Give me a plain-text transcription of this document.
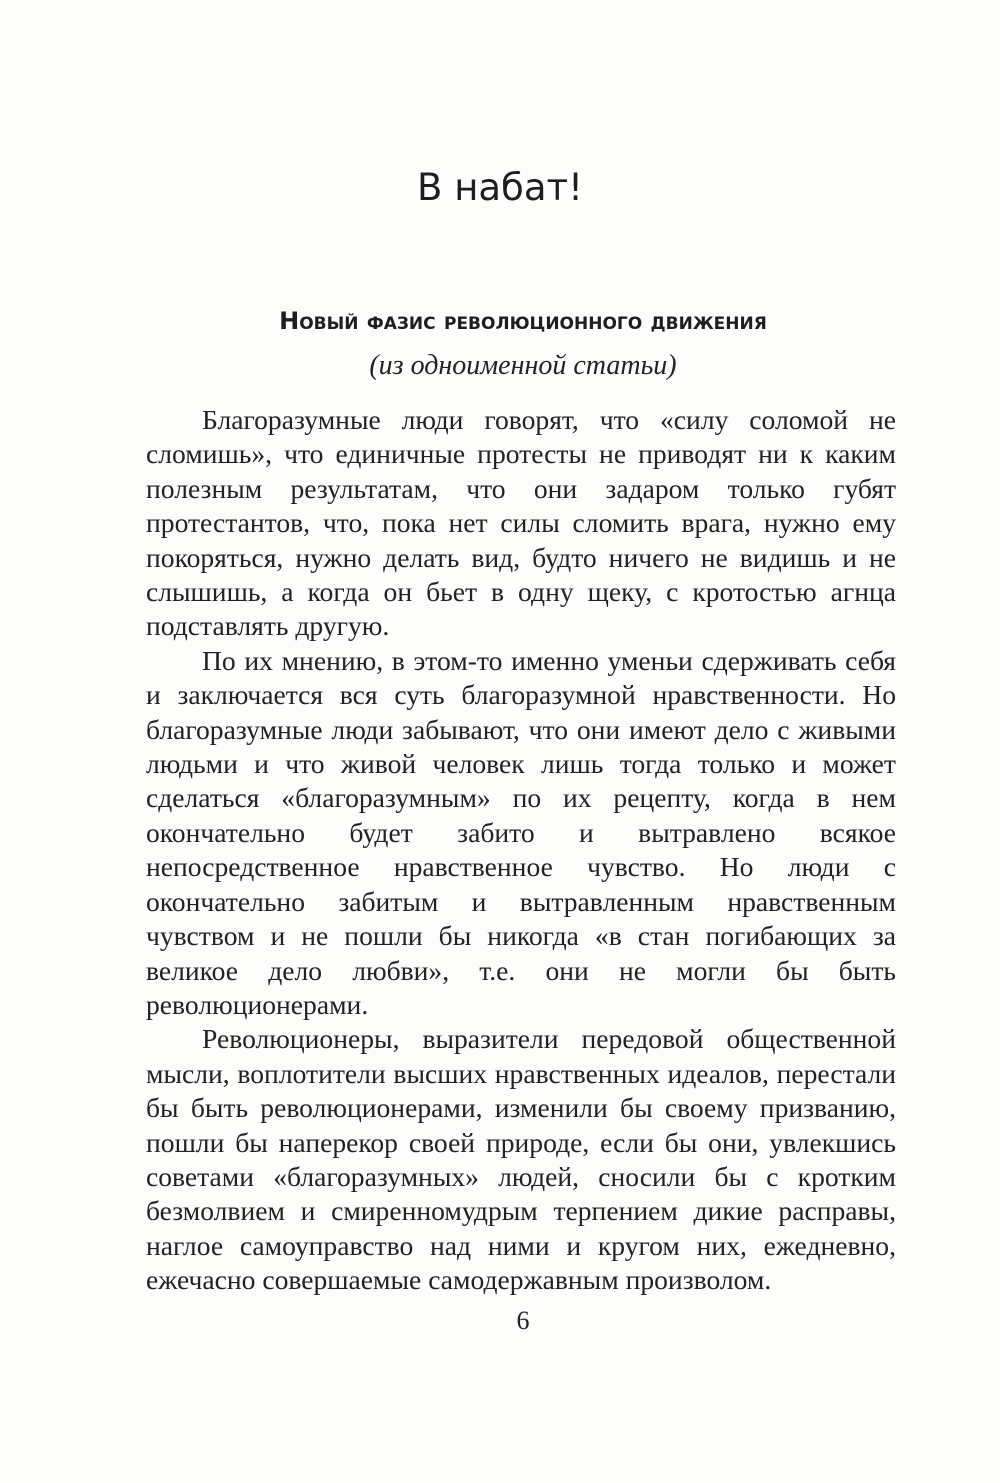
В набат!
Новый фазис революционного движения
(из одноименной статьи)

Благоразумные люди говорят, что «силу соломой не сломишь», что единичные протесты не приводят ни к каким полезным результатам, что они задаром только губят протестантов, что, пока нет силы сломить врага, нужно ему покоряться, нужно делать вид, будто ничего не видишь и не слышишь, а когда он бьет в одну щеку, с кротостью агнца подставлять другую.

По их мнению, в этом-то именно уменьи сдерживать себя и заключается вся суть благоразумной нравственности. Но благоразумные люди забывают, что они имеют дело с живыми людьми и что живой человек лишь тогда только и может сделаться «благоразумным» по их рецепту, когда в нем окончательно будет забито и вытравлено всякое непосредственное нравственное чувство. Но люди с окончательно забитым и вытравленным нравственным чувством и не пошли бы никогда «в стан погибающих за великое дело любви», т.е. они не могли бы быть революционерами.

Революционеры, выразители передовой общественной мысли, воплотители высших нравственных идеалов, перестали бы быть революционерами, изменили бы своему призванию, пошли бы наперекор своей природе, если бы они, увлекшись советами «благоразумных» людей, сносили бы с кротким безмолвием и смиренномудрым терпением дикие расправы, наглое самоуправство над ними и кругом них, ежедневно, ежечасно совершаемые самодержавным произволом.

6
